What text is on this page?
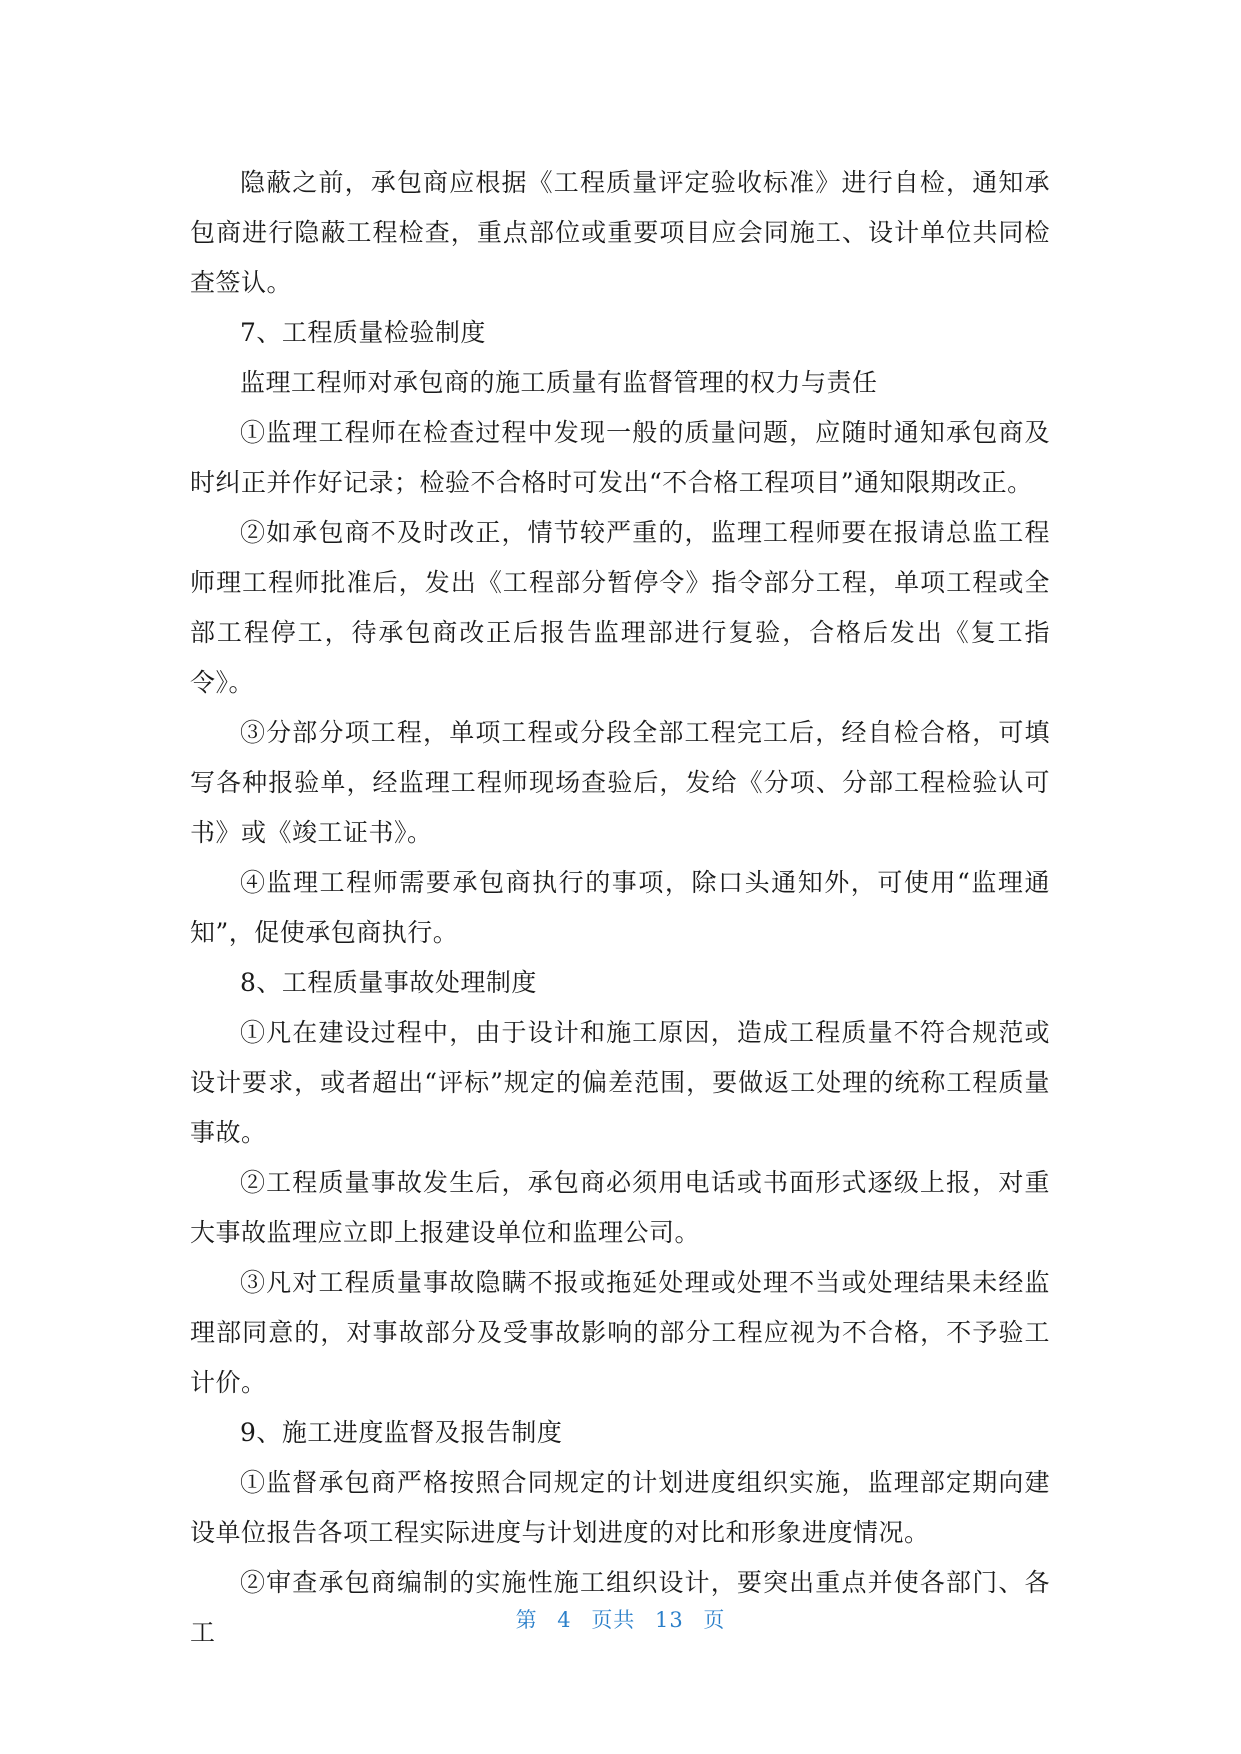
隐蔽之前，承包商应根据《工程质量评定验收标准》进行自检，通知承包商进行隐蔽工程检查，重点部位或重要项目应会同施工、设计单位共同检查签认。

7、工程质量检验制度

监理工程师对承包商的施工质量有监督管理的权力与责任

①监理工程师在检查过程中发现一般的质量问题，应随时通知承包商及时纠正并作好记录；检验不合格时可发出“不合格工程项目”通知限期改正。

②如承包商不及时改正，情节较严重的，监理工程师要在报请总监工程师理工程师批准后，发出《工程部分暂停令》指令部分工程，单项工程或全部工程停工，待承包商改正后报告监理部进行复验，合格后发出《复工指令》。

③分部分项工程，单项工程或分段全部工程完工后，经自检合格，可填写各种报验单，经监理工程师现场查验后，发给《分项、分部工程检验认可书》或《竣工证书》。

④监理工程师需要承包商执行的事项，除口头通知外，可使用“监理通知”，促使承包商执行。

8、工程质量事故处理制度

①凡在建设过程中，由于设计和施工原因，造成工程质量不符合规范或设计要求，或者超出“评标”规定的偏差范围，要做返工处理的统称工程质量事故。

②工程质量事故发生后，承包商必须用电话或书面形式逐级上报，对重大事故监理应立即上报建设单位和监理公司。

③凡对工程质量事故隐瞒不报或拖延处理或处理不当或处理结果未经监理部同意的，对事故部分及受事故影响的部分工程应视为不合格，不予验工计价。

9、施工进度监督及报告制度

①监督承包商严格按照合同规定的计划进度组织实施，监理部定期向建设单位报告各项工程实际进度与计划进度的对比和形象进度情况。

②审查承包商编制的实施性施工组织设计，要突出重点并使各部门、各工	第 4 页共 13 页
